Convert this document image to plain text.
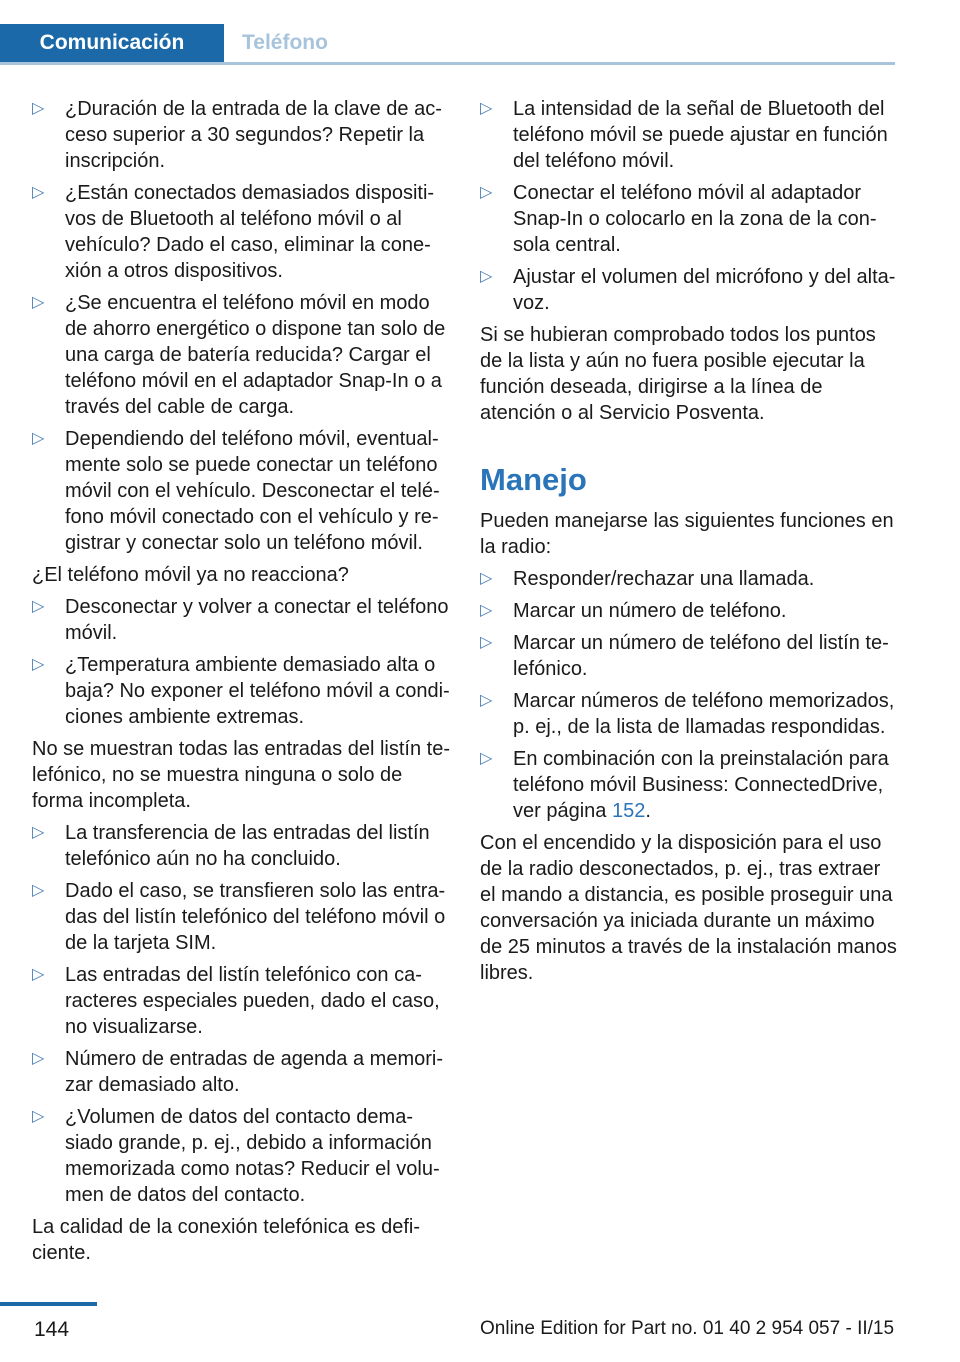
Comunicación	Teléfono
▷ ¿Duración de la entrada de la clave de acceso superior a 30 segundos? Repetir la inscripción.
▷ ¿Están conectados demasiados dispositivos de Bluetooth al teléfono móvil o al vehículo? Dado el caso, eliminar la conexión a otros dispositivos.
▷ ¿Se encuentra el teléfono móvil en modo de ahorro energético o dispone tan solo de una carga de batería reducida? Cargar el teléfono móvil en el adaptador Snap-In o a través del cable de carga.
▷ Dependiendo del teléfono móvil, eventualmente solo se puede conectar un teléfono móvil con el vehículo. Desconectar el teléfono móvil conectado con el vehículo y registrar y conectar solo un teléfono móvil.

¿El teléfono móvil ya no reacciona?

▷ Desconectar y volver a conectar el teléfono móvil.
▷ ¿Temperatura ambiente demasiado alta o baja? No exponer el teléfono móvil a condiciones ambiente extremas.

No se muestran todas las entradas del listín telefónico, no se muestra ninguna o solo de forma incompleta.

▷ La transferencia de las entradas del listín telefónico aún no ha concluido.
▷ Dado el caso, se transfieren solo las entradas del listín telefónico del teléfono móvil o de la tarjeta SIM.
▷ Las entradas del listín telefónico con caracteres especiales pueden, dado el caso, no visualizarse.
▷ Número de entradas de agenda a memorizar demasiado alto.
▷ ¿Volumen de datos del contacto demasiado grande, p. ej., debido a información memorizada como notas? Reducir el volumen de datos del contacto.

La calidad de la conexión telefónica es deficiente.

▷ La intensidad de la señal de Bluetooth del teléfono móvil se puede ajustar en función del teléfono móvil.
▷ Conectar el teléfono móvil al adaptador Snap-In o colocarlo en la zona de la consola central.
▷ Ajustar el volumen del micrófono y del altavoz.

Si se hubieran comprobado todos los puntos de la lista y aún no fuera posible ejecutar la función deseada, dirigirse a la línea de atención o al Servicio Posventa.

Manejo

Pueden manejarse las siguientes funciones en la radio:

▷ Responder/rechazar una llamada.
▷ Marcar un número de teléfono.
▷ Marcar un número de teléfono del listín telefónico.
▷ Marcar números de teléfono memorizados, p. ej., de la lista de llamadas respondidas.
▷ En combinación con la preinstalación para teléfono móvil Business: ConnectedDrive, ver página 152.

Con el encendido y la disposición para el uso de la radio desconectados, p. ej., tras extraer el mando a distancia, es posible proseguir una conversación ya iniciada durante un máximo de 25 minutos a través de la instalación manos libres.

144	Online Edition for Part no. 01 40 2 954 057 - II/15
